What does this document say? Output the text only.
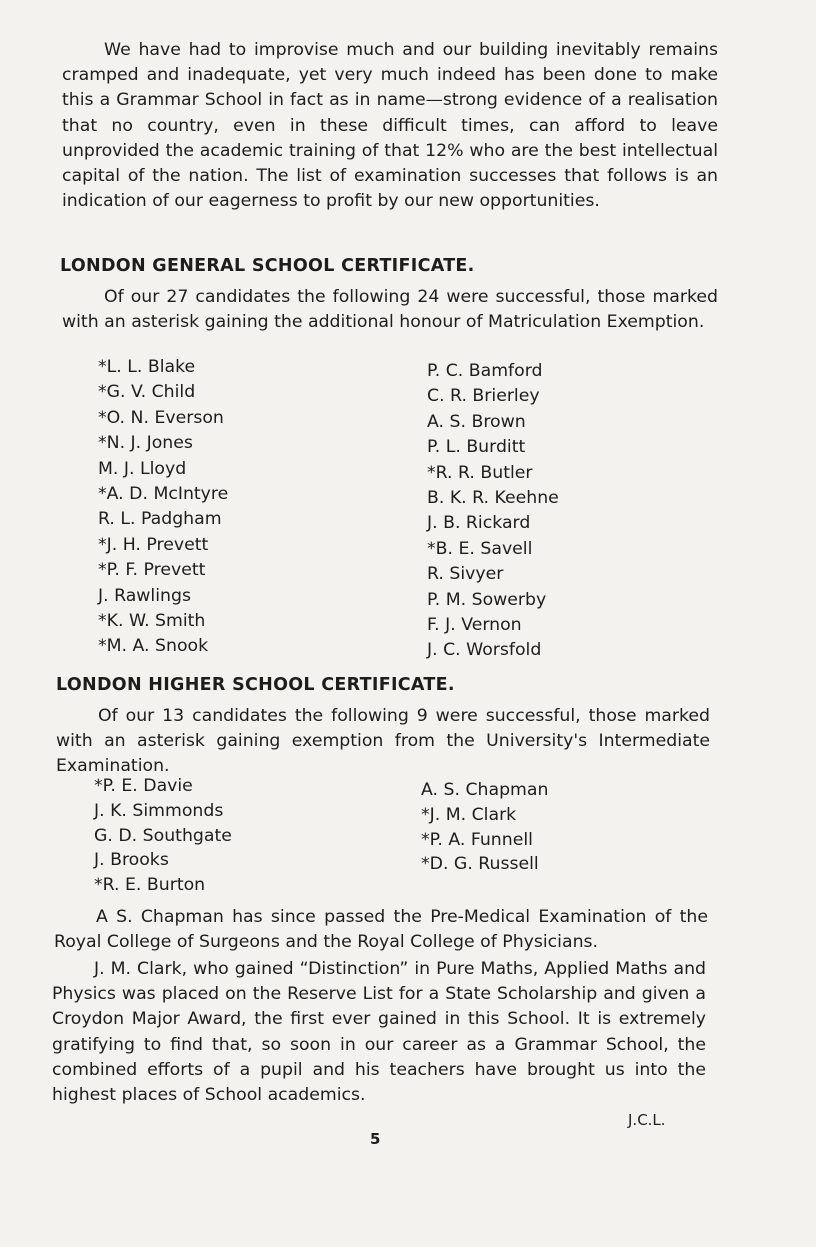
We have had to improvise much and our building inevitably remains cramped and inadequate, yet very much indeed has been done to make this a Grammar School in fact as in name—strong evidence of a realisation that no country, even in these difficult times, can afford to leave unprovided the academic training of that 12% who are the best intellectual capital of the nation. The list of examination successes that follows is an indication of our eagerness to profit by our new opportunities.

LONDON GENERAL SCHOOL CERTIFICATE.

Of our 27 candidates the following 24 were successful, those marked with an asterisk gaining the additional honour of Matriculation Exemption.

*L. L. Blake
*G. V. Child
*O. N. Everson
*N. J. Jones
M. J. Lloyd
*A. D. McIntyre
R. L. Padgham
*J. H. Prevett
*P. F. Prevett
J. Rawlings
*K. W. Smith
*M. A. Snook
P. C. Bamford
C. R. Brierley
A. S. Brown
P. L. Burditt
*R. R. Butler
B. K. R. Keehne
J. B. Rickard
*B. E. Savell
R. Sivyer
P. M. Sowerby
F. J. Vernon
J. C. Worsfold
LONDON HIGHER SCHOOL CERTIFICATE.

Of our 13 candidates the following 9 were successful, those marked with an asterisk gaining exemption from the University's Intermediate Examination.

*P. E. Davie
J. K. Simmonds
G. D. Southgate
J. Brooks
*R. E. Burton
A. S. Chapman
*J. M. Clark
*P. A. Funnell
*D. G. Russell

A S. Chapman has since passed the Pre-Medical Examination of the Royal College of Surgeons and the Royal College of Physicians.

J. M. Clark, who gained “Distinction” in Pure Maths, Applied Maths and Physics was placed on the Reserve List for a State Scholarship and given a Croydon Major Award, the first ever gained in this School. It is extremely gratifying to find that, so soon in our career as a Grammar School, the combined efforts of a pupil and his teachers have brought us into the highest places of School academics.

J.C.L.
5
